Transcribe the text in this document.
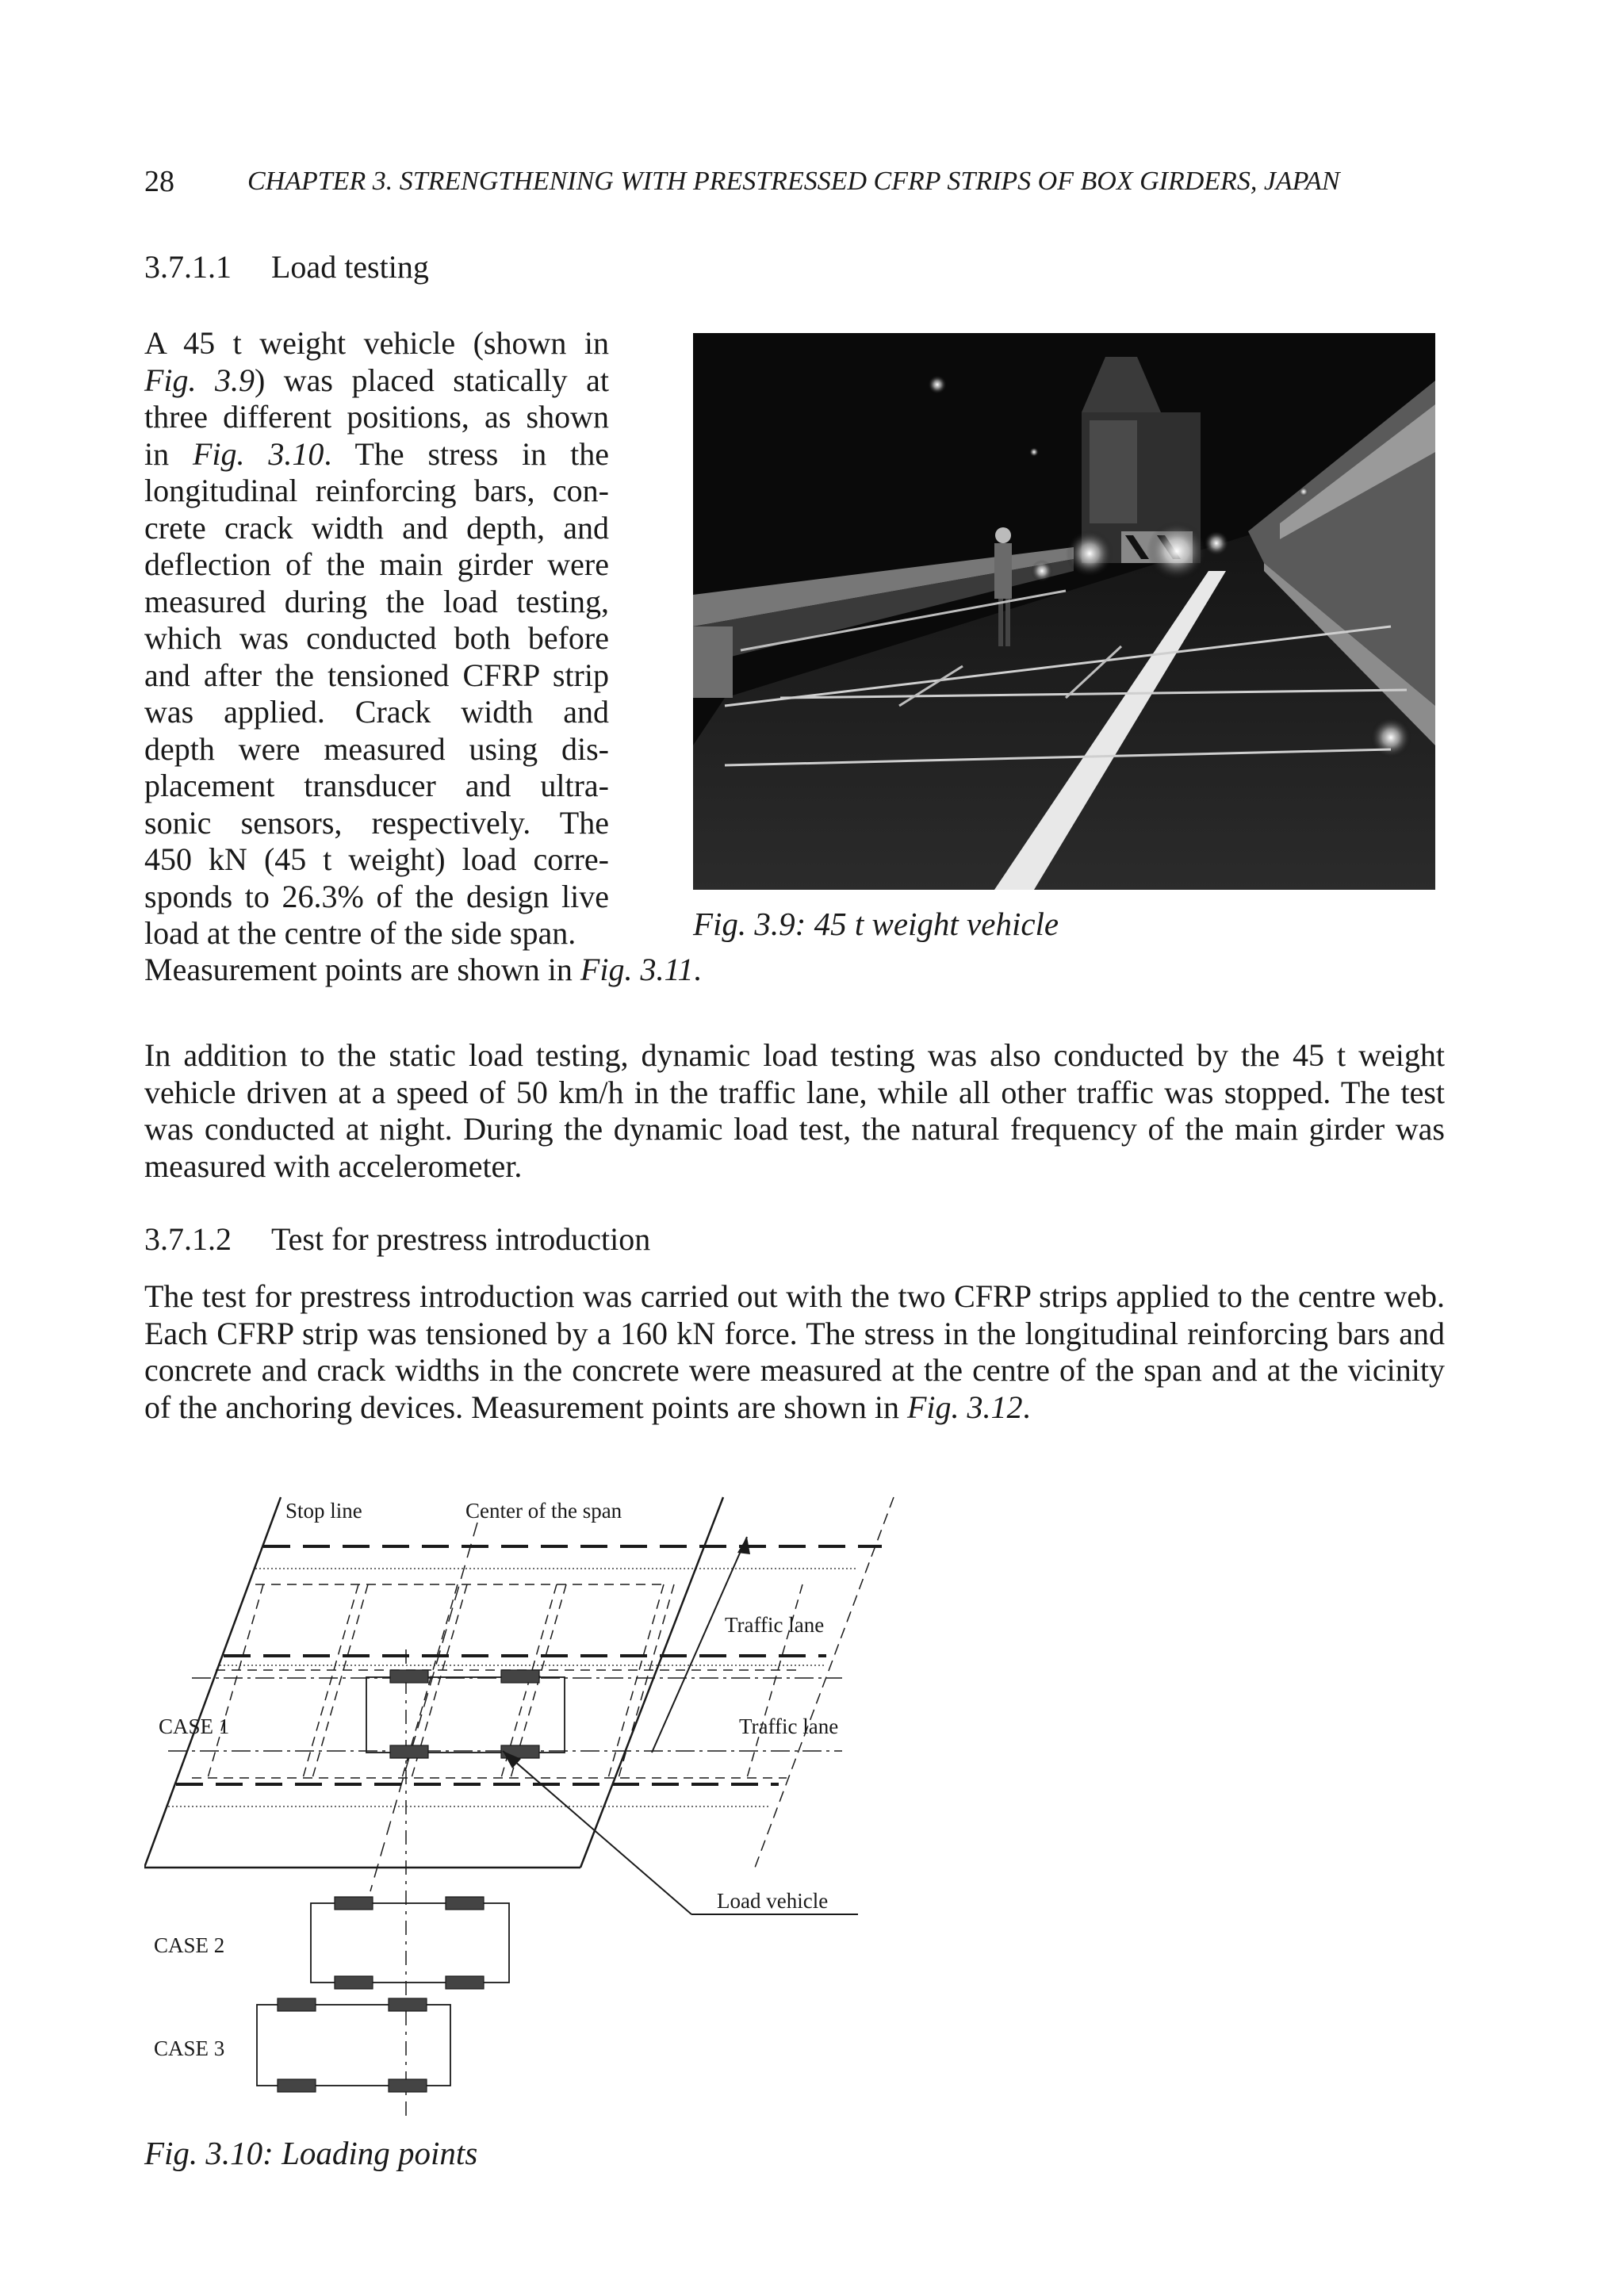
28	CHAPTER 3. STRENGTHENING WITH PRESTRESSED CFRP STRIPS OF BOX GIRDERS, JAPAN
3.7.1.1 Load testing
A 45 t weight vehicle (shown in
Fig. 3.9) was placed statically at
three different positions, as shown
in Fig. 3.10. The stress in the
longitudinal reinforcing bars, con-
crete crack width and depth, and
deflection of the main girder were
measured during the load testing,
which was conducted both before
and after the tensioned CFRP strip
was applied. Crack width and
depth were measured using dis-
placement transducer and ultra-
sonic sensors, respectively. The
450 kN (45 t weight) load corre-
sponds to 26.3% of the design live
load at the centre of the side span.
Measurement points are shown in Fig. 3.11.
Fig. 3.9: 45 t weight vehicle
In addition to the static load testing, dynamic load testing was also conducted by the 45 t weight vehicle driven at a speed of 50 km/h in the traffic lane, while all other traffic was stopped. The test was conducted at night. During the dynamic load test, the natural frequency of the main girder was measured with accelerometer.
3.7.1.2 Test for prestress introduction
The test for prestress introduction was carried out with the two CFRP strips applied to the centre web. Each CFRP strip was tensioned by a 160 kN force. The stress in the longitudinal reinforcing bars and concrete and crack widths in the concrete were measured at the centre of the span and at the vicinity of the anchoring devices. Measurement points are shown in Fig. 3.12.
Stop line	Center of the span
Traffic lane
Traffic lane
CASE 1
CASE 2
CASE 3
Load vehicle
Fig. 3.10: Loading points
